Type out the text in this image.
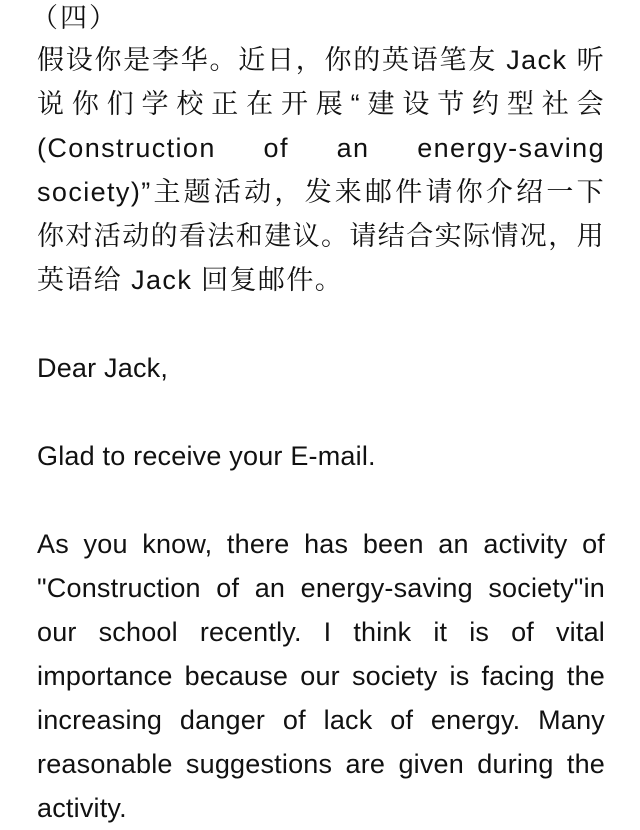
（四）

假设你是李华。近日，你的英语笔友 Jack 听说你们学校正在开展“建设节约型社会 (Construction of an energy-saving society)”主题活动，发来邮件请你介绍一下你对活动的看法和建议。请结合实际情况，用英语给 Jack 回复邮件。

Dear Jack,

Glad to receive your E-mail.

As you know, there has been an activity of "Construction of an energy-saving society"in our school recently. I think it is of vital importance because our society is facing the increasing danger of lack of energy. Many reasonable suggestions are given during the activity.
